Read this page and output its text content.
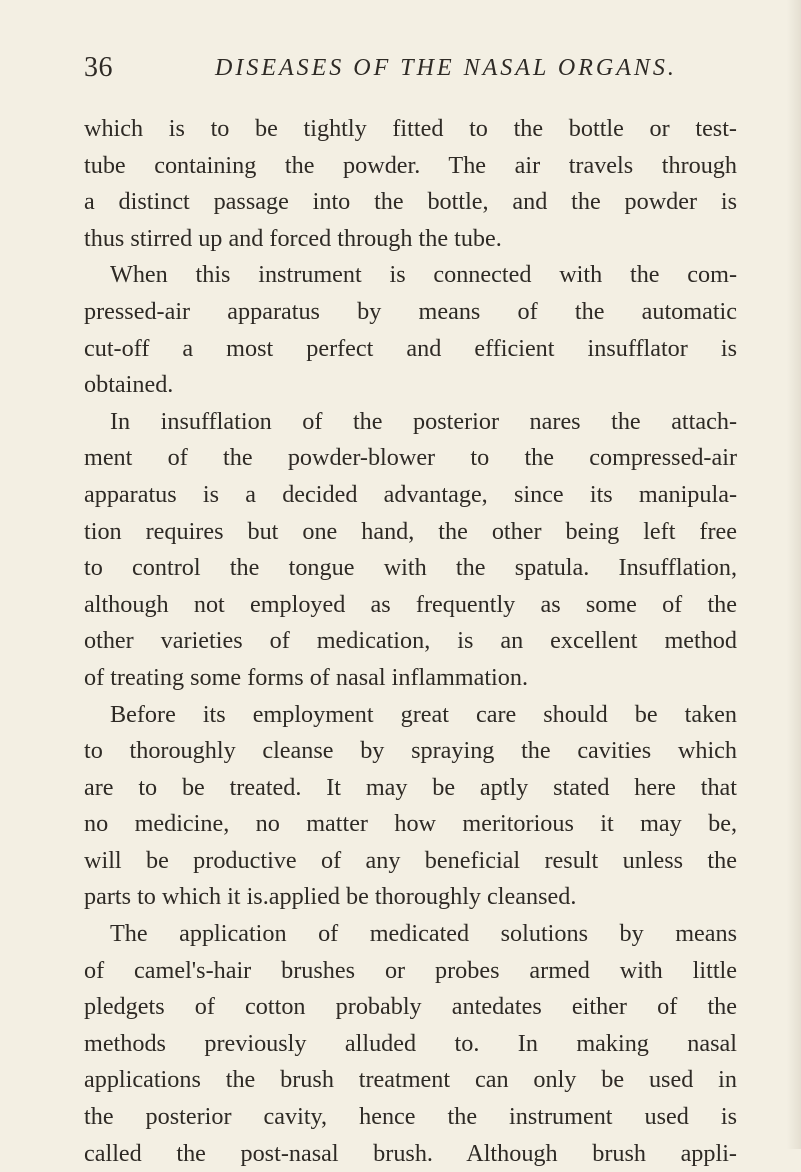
36	DISEASES OF THE NASAL ORGANS.
which is to be tightly fitted to the bottle or test-
tube containing the powder. The air travels through
a distinct passage into the bottle, and the powder is
thus stirred up and forced through the tube.
When this instrument is connected with the com-
pressed-air apparatus by means of the automatic
cut-off a most perfect and efficient insufflator is
obtained.
In insufflation of the posterior nares the attach-
ment of the powder-blower to the compressed-air
apparatus is a decided advantage, since its manipula-
tion requires but one hand, the other being left free
to control the tongue with the spatula. Insufflation,
although not employed as frequently as some of the
other varieties of medication, is an excellent method
of treating some forms of nasal inflammation.
Before its employment great care should be taken
to thoroughly cleanse by spraying the cavities which
are to be treated. It may be aptly stated here that
no medicine, no matter how meritorious it may be,
will be productive of any beneficial result unless the
parts to which it is.applied be thoroughly cleansed.
The application of medicated solutions by means
of camel's-hair brushes or probes armed with little
pledgets of cotton probably antedates either of the
methods previously alluded to. In making nasal
applications the brush treatment can only be used in
the posterior cavity, hence the instrument used is
called the post-nasal brush. Although brush appli-
